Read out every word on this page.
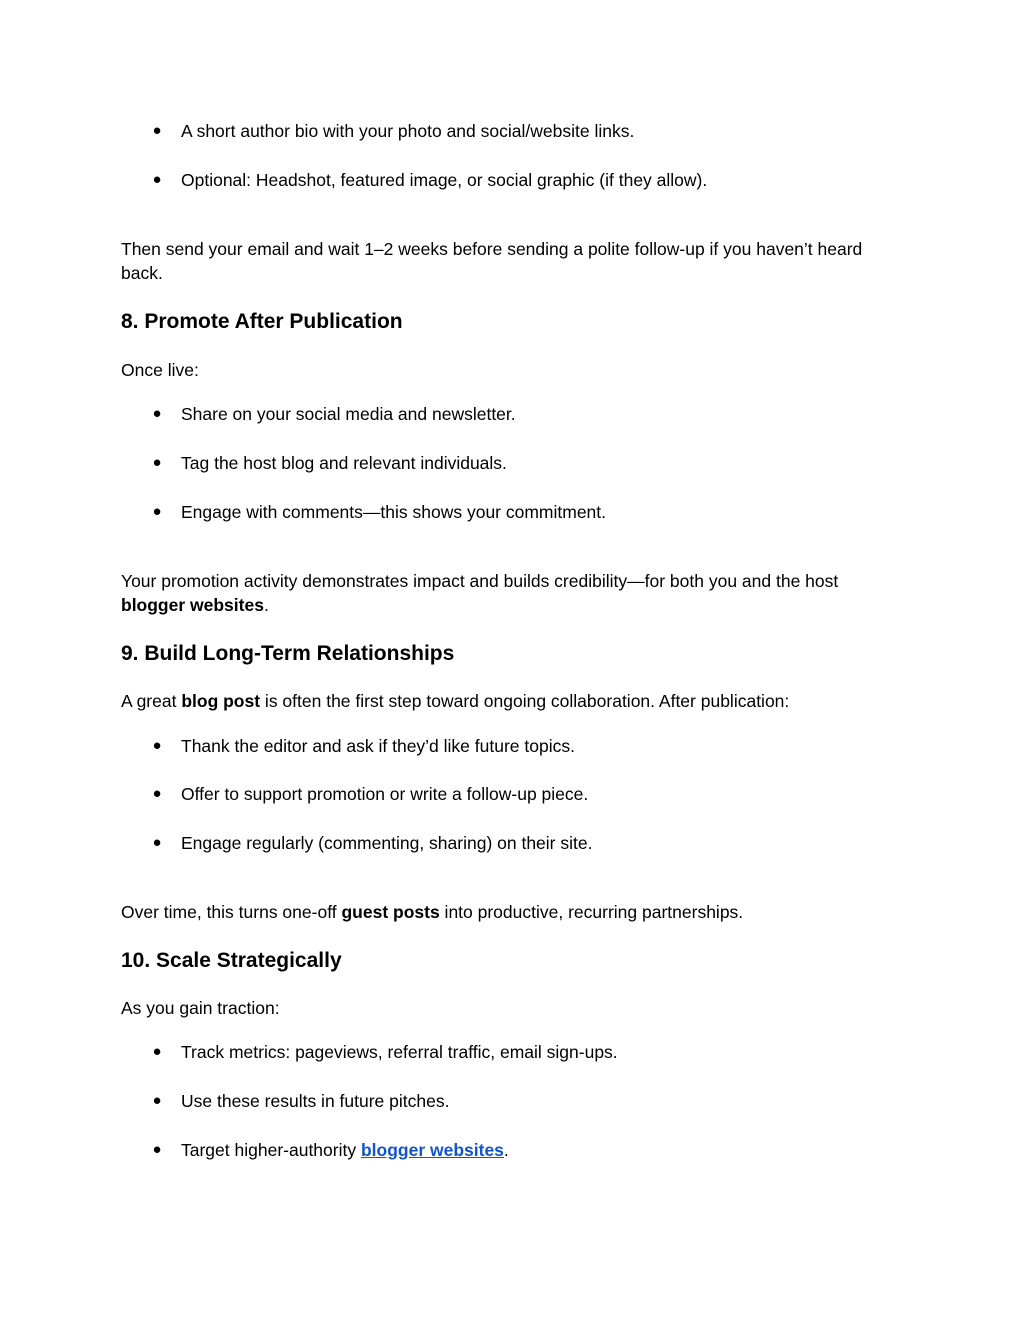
● A short author bio with your photo and social/website links.
● Optional: Headshot, featured image, or social graphic (if they allow).
Then send your email and wait 1–2 weeks before sending a polite follow-up if you haven’t heard
back.
8. Promote After Publication
Once live:
● Share on your social media and newsletter.
● Tag the host blog and relevant individuals.
● Engage with comments—this shows your commitment.
Your promotion activity demonstrates impact and builds credibility—for both you and the host
blogger websites.
9. Build Long‑Term Relationships
A great blog post is often the first step toward ongoing collaboration. After publication:
● Thank the editor and ask if they’d like future topics.
● Offer to support promotion or write a follow-up piece.
● Engage regularly (commenting, sharing) on their site.
Over time, this turns one-off guest posts into productive, recurring partnerships.
10. Scale Strategically
As you gain traction:
● Track metrics: pageviews, referral traffic, email sign-ups.
● Use these results in future pitches.
● Target higher-authority blogger websites.
